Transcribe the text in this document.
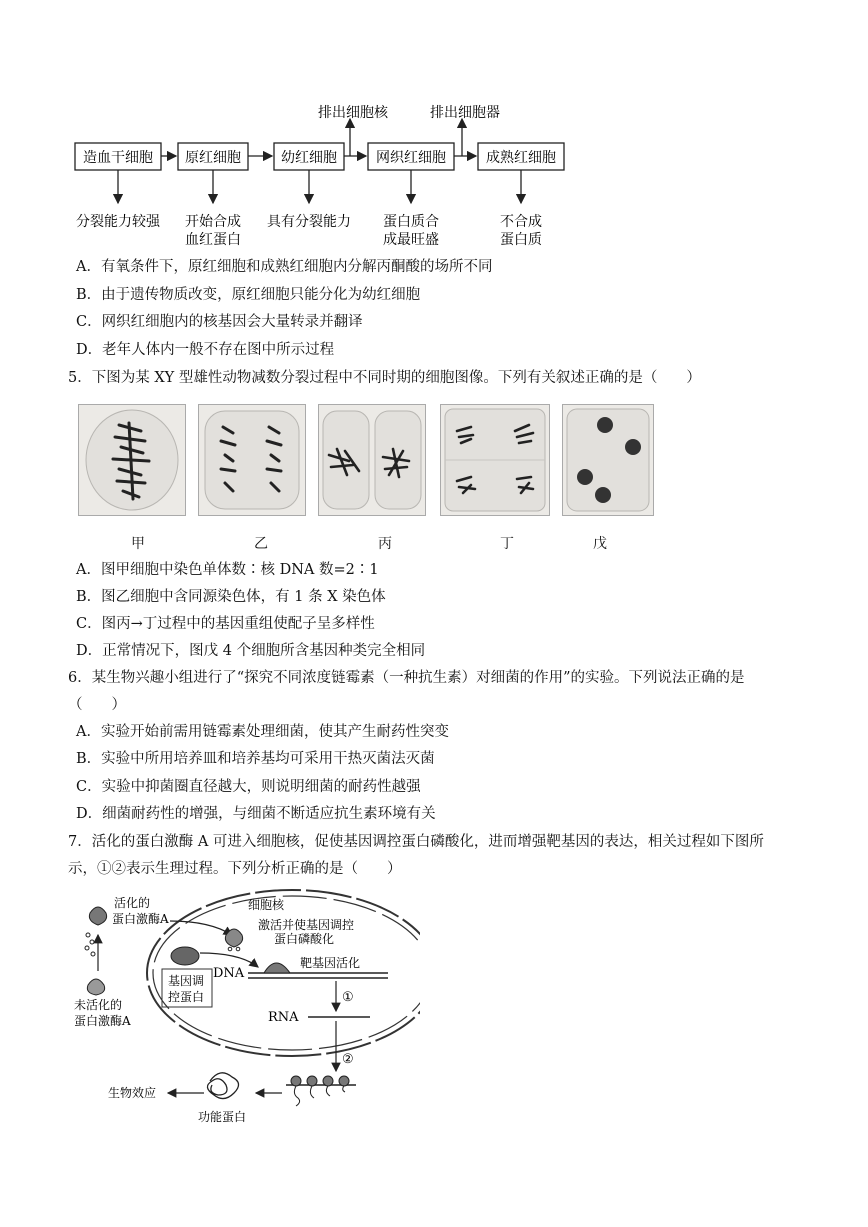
造血干细胞 原红细胞	幼红细胞	网织红细胞	成熟红细胞
排出细胞核	排出细胞器
分裂能力较强 开始合成
血红蛋白
具有分裂能力 蛋白质合
成最旺盛
不合成
蛋白质
A．有氧条件下，原红细胞和成熟红细胞内分解丙酮酸的场所不同
B．由于遗传物质改变，原红细胞只能分化为幼红细胞
C．网织红细胞内的核基因会大量转录并翻译
D．老年人体内一般不存在图中所示过程
5．下图为某 XY 型雄性动物减数分裂过程中不同时期的细胞图像。下列有关叙述正确的是（　　）
甲	乙	丙	丁	戊
A．图甲细胞中染色单体数∶核 DNA 数=2∶1
B．图乙细胞中含同源染色体，有 1 条 X 染色体
C．图丙→丁过程中的基因重组使配子呈多样性
D．正常情况下，图戊 4 个细胞所含基因种类完全相同
6．某生物兴趣小组进行了“探究不同浓度链霉素（一种抗生素）对细菌的作用”的实验。下列说法正确的是
（　　）
A．实验开始前需用链霉素处理细菌，使其产生耐药性突变
B．实验中所用培养皿和培养基均可采用干热灭菌法灭菌
C．实验中抑菌圈直径越大，则说明细菌的耐药性越强
D．细菌耐药性的增强，与细菌不断适应抗生素环境有关
7．活化的蛋白激酶 A 可进入细胞核，促使基因调控蛋白磷酸化，进而增强靶基因的表达，相关过程如下图所
示，①②表示生理过程。下列分析正确的是（　　）
细胞核
活化的
蛋白激酶A
未活化的
蛋白激酶A
激活并使基因调控
蛋白磷酸化
基因调
控蛋白
DNA
靶基因活化
①
RNA
②
功能蛋白
生物效应
